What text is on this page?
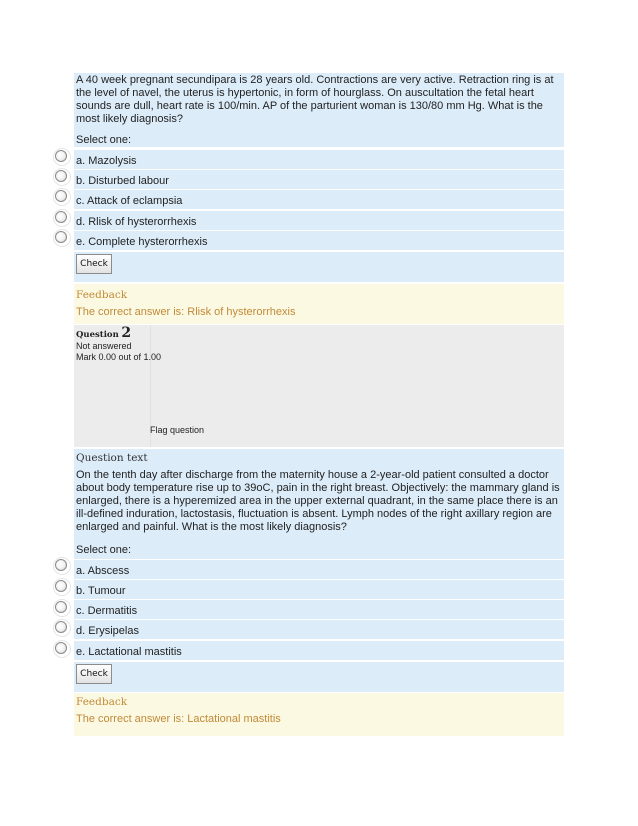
A 40 week pregnant secundipara is 28 years old. Contractions are very active. Retraction ring is at the level of navel, the uterus is hypertonic, in form of hourglass. On auscultation the fetal heart sounds are dull, heart rate is 100/min. AP of the parturient woman is 130/80 mm Hg. What is the most likely diagnosis?
Select one:
a. Mazolysis
b. Disturbed labour
c. Attack of eclampsia
d. Rlisk of hysterorrhexis
e. Complete hysterorrhexis
Check
Feedback
The correct answer is: Rlisk of hysterorrhexis
Question 2
Not answered
Mark 0.00 out of 1.00
Flag question
Question text
On the tenth day after discharge from the maternity house a 2-year-old patient consulted a doctor about body temperature rise up to 39oC, pain in the right breast. Objectively: the mammary gland is enlarged, there is a hyperemized area in the upper external quadrant, in the same place there is an ill-defined induration, lactostasis, fluctuation is absent. Lymph nodes of the right axillary region are enlarged and painful. What is the most likely diagnosis?
Select one:
a. Abscess
b. Tumour
c. Dermatitis
d. Erysipelas
e. Lactational mastitis
Check
Feedback
The correct answer is: Lactational mastitis
